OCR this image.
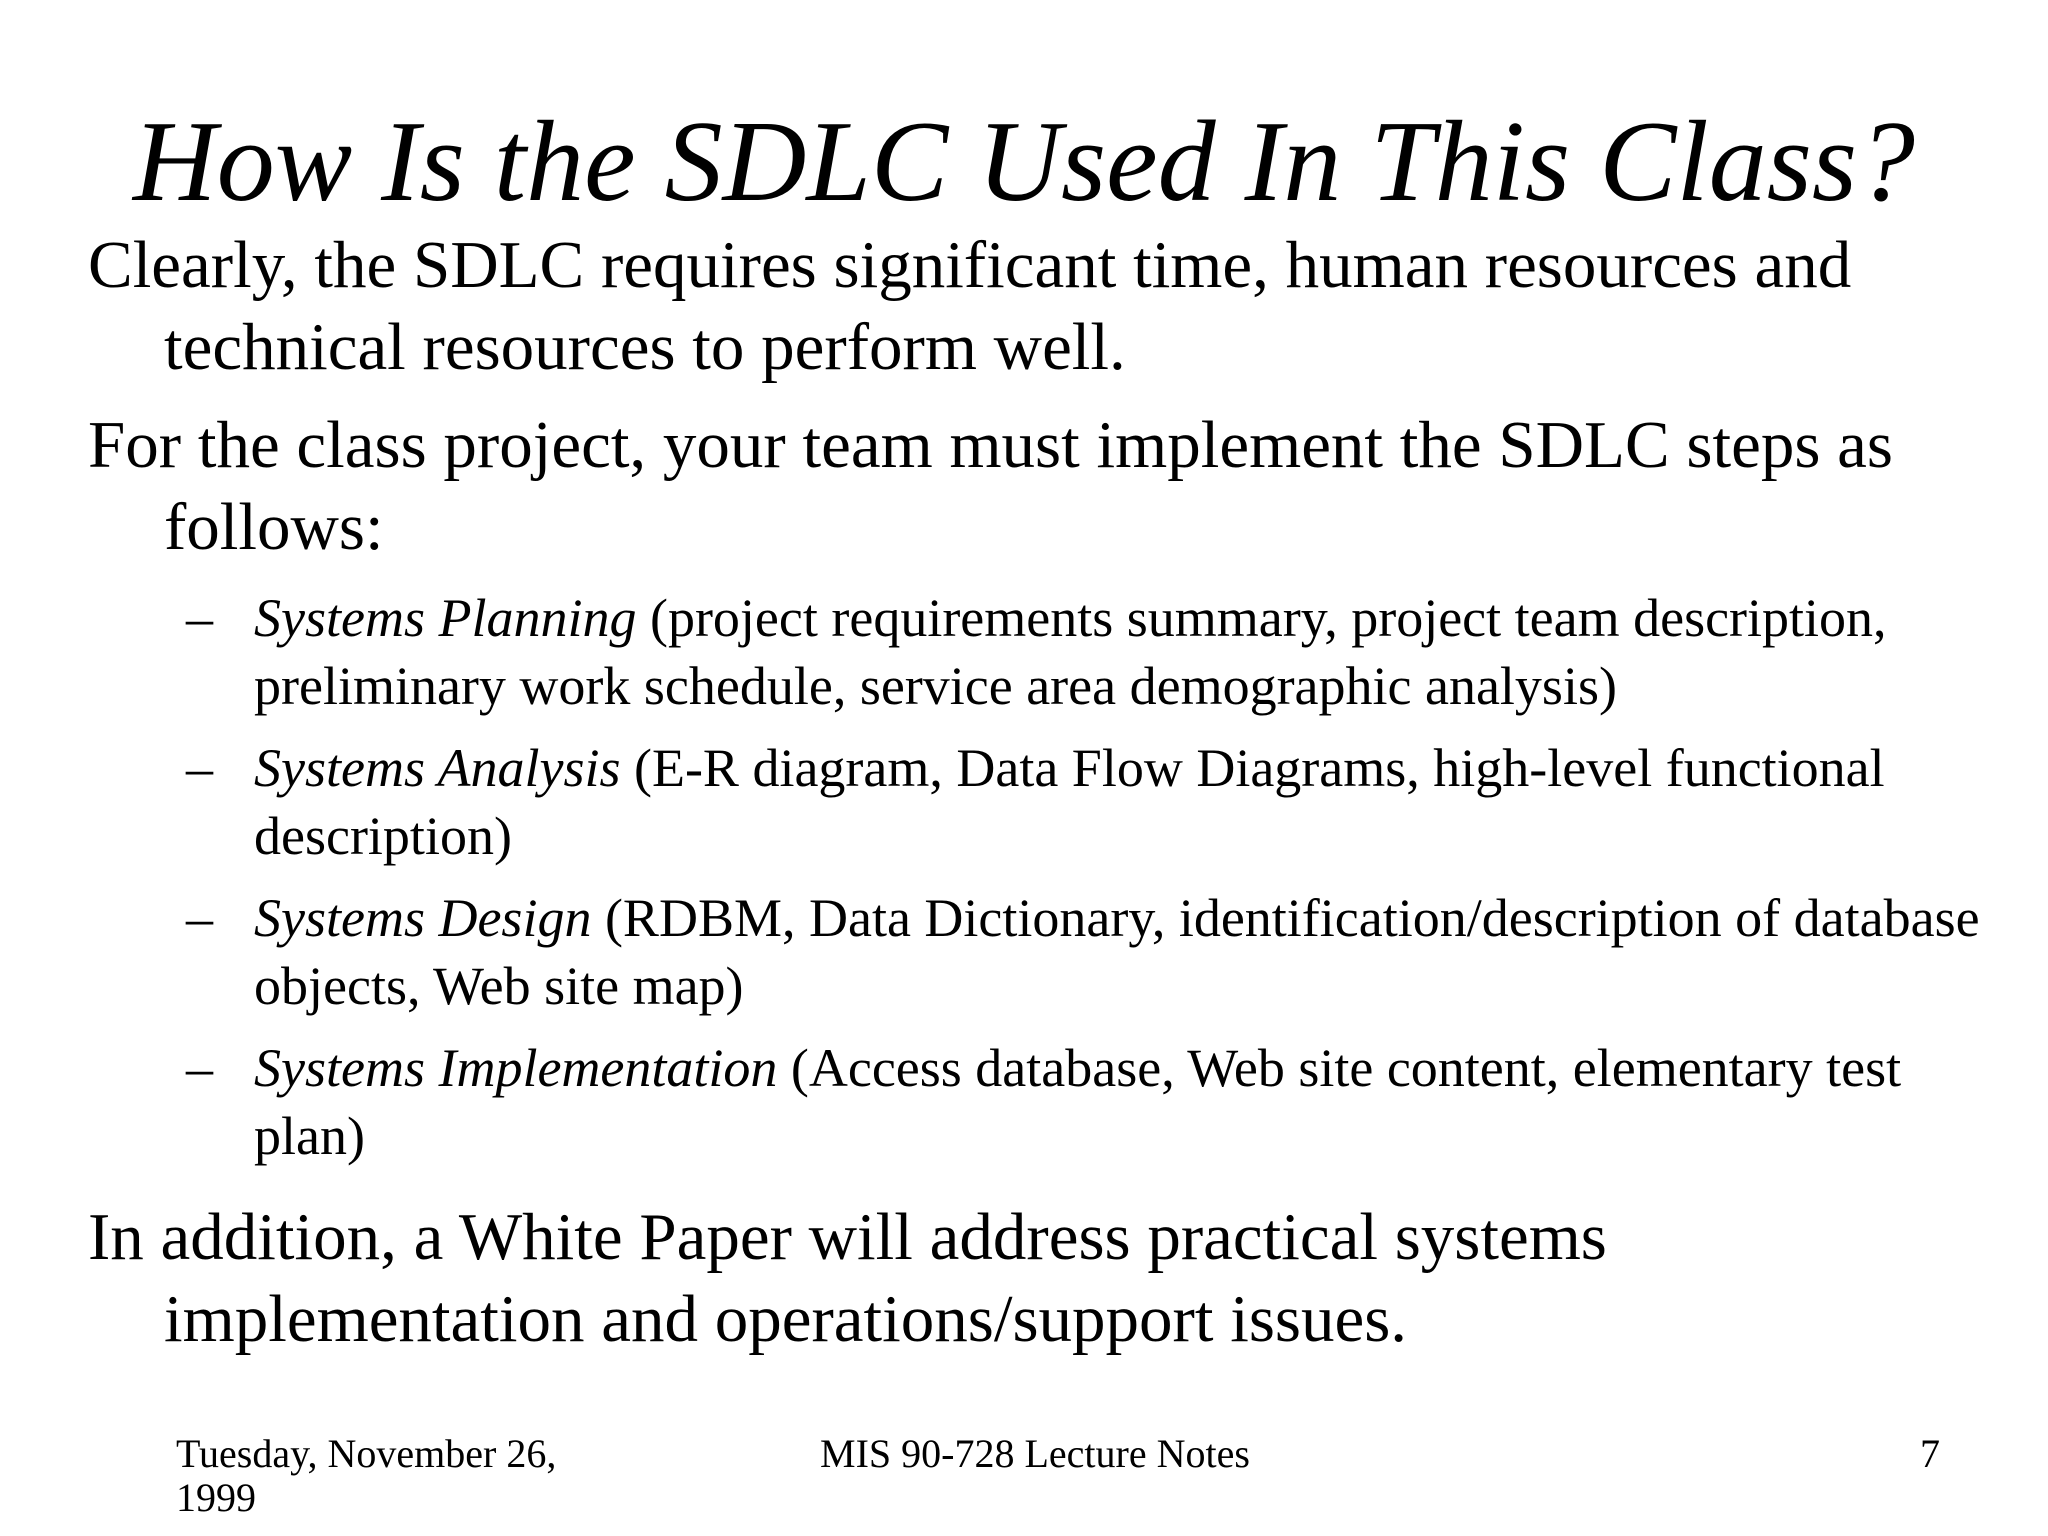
How Is the SDLC Used In This Class?

Clearly, the SDLC requires significant time, human resources and technical resources to perform well.

For the class project, your team must implement the SDLC steps as follows:

– Systems Planning (project requirements summary, project team description, preliminary work schedule, service area demographic analysis)
– Systems Analysis (E-R diagram, Data Flow Diagrams, high-level functional description)
– Systems Design (RDBM, Data Dictionary, identification/description of database objects, Web site map)
– Systems Implementation (Access database, Web site content, elementary test plan)

In addition, a White Paper will address practical systems implementation and operations/support issues.

Tuesday, November 26, 1999
MIS 90-728 Lecture Notes	7
